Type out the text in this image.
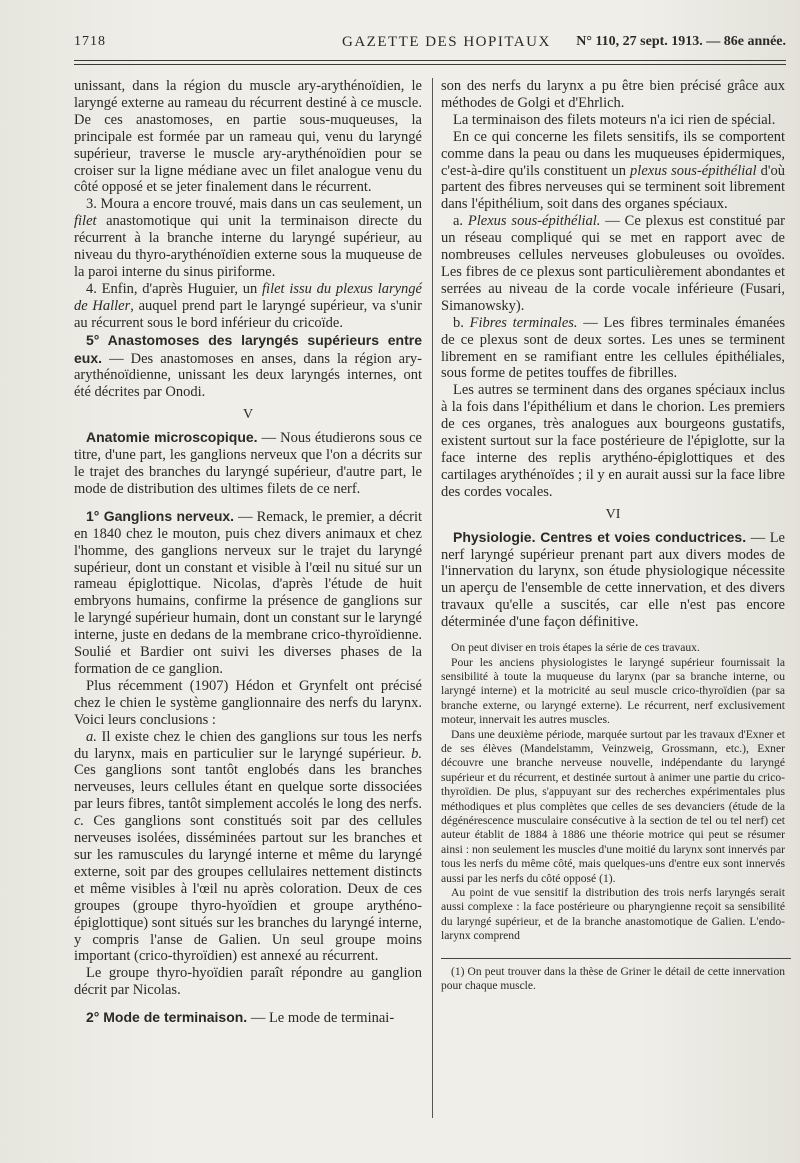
1718	GAZETTE DES HOPITAUX N° 110, 27 sept. 1913. — 86e année.

unissant, dans la région du muscle ary-arythénoïdien, le laryngé externe au rameau du récurrent destiné à ce muscle. De ces anastomoses, en partie sous-muqueuses, la principale est formée par un rameau qui, venu du laryngé supérieur, traverse le muscle ary-arythénoïdien pour se croiser sur la ligne médiane avec un filet analogue venu du côté opposé et se jeter finalement dans le récurrent.

3. Moura a encore trouvé, mais dans un cas seulement, un filet anastomotique qui unit la terminaison directe du récurrent à la branche interne du laryngé supérieur, au niveau du thyro-arythénoïdien externe sous la muqueuse de la paroi interne du sinus piriforme.

4. Enfin, d'après Huguier, un filet issu du plexus laryngé de Haller, auquel prend part le laryngé supérieur, va s'unir au récurrent sous le bord inférieur du cricoïde.

5° Anastomoses des laryngés supérieurs entre eux. — Des anastomoses en anses, dans la région ary-arythénoïdienne, unissant les deux laryngés internes, ont été décrites par Onodi.

V

Anatomie microscopique. — Nous étudierons sous ce titre, d'une part, les ganglions nerveux que l'on a décrits sur le trajet des branches du laryngé supérieur, d'autre part, le mode de distribution des ultimes filets de ce nerf.

1° Ganglions nerveux. — Remack, le premier, a décrit en 1840 chez le mouton, puis chez divers animaux et chez l'homme, des ganglions nerveux sur le trajet du laryngé supérieur, dont un constant et visible à l'œil nu situé sur un rameau épiglottique. Nicolas, d'après l'étude de huit embryons humains, confirme la présence de ganglions sur le laryngé supérieur humain, dont un constant sur le laryngé interne, juste en dedans de la membrane crico-thyroïdienne. Soulié et Bardier ont suivi les diverses phases de la formation de ce ganglion.

Plus récemment (1907) Hédon et Grynfelt ont précisé chez le chien le système ganglionnaire des nerfs du larynx. Voici leurs conclusions :

a. Il existe chez le chien des ganglions sur tous les nerfs du larynx, mais en particulier sur le laryngé supérieur. b. Ces ganglions sont tantôt englobés dans les branches nerveuses, leurs cellules étant en quelque sorte dissociées par leurs fibres, tantôt simplement accolés le long des nerfs. c. Ces ganglions sont constitués soit par des cellules nerveuses isolées, disséminées partout sur les branches et sur les ramuscules du laryngé interne et même du laryngé externe, soit par des groupes cellulaires nettement distincts et même visibles à l'œil nu après coloration. Deux de ces groupes (groupe thyro-hyoïdien et groupe arythéno-épiglottique) sont situés sur les branches du laryngé interne, y compris l'anse de Galien. Un seul groupe moins important (crico-thyroïdien) est annexé au récurrent.

Le groupe thyro-hyoïdien paraît répondre au ganglion décrit par Nicolas.

2° Mode de terminaison. — Le mode de terminai-

son des nerfs du larynx a pu être bien précisé grâce aux méthodes de Golgi et d'Ehrlich.

La terminaison des filets moteurs n'a ici rien de spécial.

En ce qui concerne les filets sensitifs, ils se comportent comme dans la peau ou dans les muqueuses épidermiques, c'est-à-dire qu'ils constituent un plexus sous-épithélial d'où partent des fibres nerveuses qui se terminent soit librement dans l'épithélium, soit dans des organes spéciaux.

a. Plexus sous-épithélial. — Ce plexus est constitué par un réseau compliqué qui se met en rapport avec de nombreuses cellules nerveuses globuleuses ou ovoïdes. Les fibres de ce plexus sont particulièrement abondantes et serrées au niveau de la corde vocale inférieure (Fusari, Simanowsky).

b. Fibres terminales. — Les fibres terminales émanées de ce plexus sont de deux sortes. Les unes se terminent librement en se ramifiant entre les cellules épithéliales, sous forme de petites touffes de fibrilles.

Les autres se terminent dans des organes spéciaux inclus à la fois dans l'épithélium et dans le chorion. Les premiers de ces organes, très analogues aux bourgeons gustatifs, existent surtout sur la face postérieure de l'épiglotte, sur la face interne des replis arythéno-épiglottiques et des cartilages arythénoïdes ; il y en aurait aussi sur la face libre des cordes vocales.

VI

Physiologie. Centres et voies conductrices. — Le nerf laryngé supérieur prenant part aux divers modes de l'innervation du larynx, son étude physiologique nécessite un aperçu de l'ensemble de cette innervation, et des divers travaux qu'elle a suscités, car elle n'est pas encore déterminée d'une façon définitive.

On peut diviser en trois étapes la série de ces travaux.

Pour les anciens physiologistes le laryngé supérieur fournissait la sensibilité à toute la muqueuse du larynx (par sa branche interne, ou laryngé interne) et la motricité au seul muscle crico-thyroïdien (par sa branche externe, ou laryngé externe). Le récurrent, nerf exclusivement moteur, innervait les autres muscles.

Dans une deuxième période, marquée surtout par les travaux d'Exner et de ses élèves (Mandelstamm, Veinzweig, Grossmann, etc.), Exner découvre une branche nerveuse nouvelle, indépendante du laryngé supérieur et du récurrent, et destinée surtout à animer une partie du crico-thyroïdien. De plus, s'appuyant sur des recherches expérimentales plus méthodiques et plus complètes que celles de ses devanciers (étude de la dégénérescence musculaire consécutive à la section de tel ou tel nerf) cet auteur établit de 1884 à 1886 une théorie motrice qui peut se résumer ainsi : non seulement les muscles d'une moitié du larynx sont innervés par tous les nerfs du même côté, mais quelques-uns d'entre eux sont innervés aussi par les nerfs du côté opposé (1).

Au point de vue sensitif la distribution des trois nerfs laryngés serait aussi complexe : la face postérieure ou pharyngienne reçoit sa sensibilité du laryngé supérieur, et de la branche anastomotique de Galien. L'endo-larynx comprend

(1) On peut trouver dans la thèse de Griner le détail de cette innervation pour chaque muscle.
